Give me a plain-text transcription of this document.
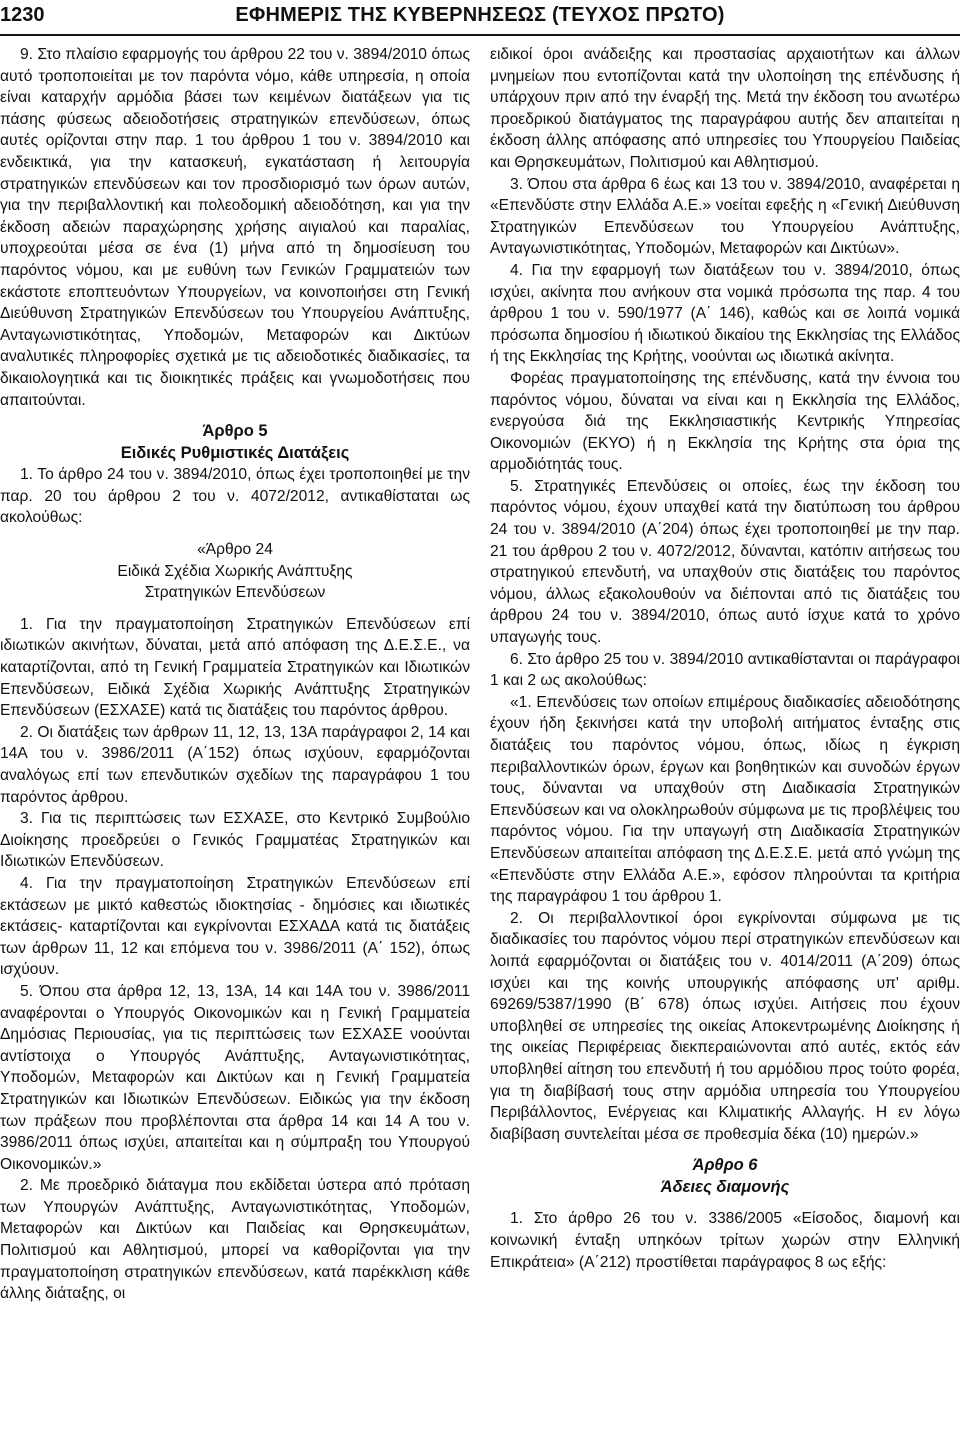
1230	ΕΦΗΜΕΡΙΣ ΤΗΣ ΚΥΒΕΡΝΗΣΕΩΣ (ΤΕΥΧΟΣ ΠΡΩΤΟ)

9. Στο πλαίσιο εφαρμογής του άρθρου 22 του ν. 3894/2010 όπως αυτό τροποποιείται με τον παρόντα νόμο, κάθε υπηρεσία, η οποία είναι καταρχήν αρμόδια βάσει των κειμένων διατάξεων για τις πάσης φύσεως αδειοδοτήσεις στρατηγικών επενδύσεων, όπως αυτές ορίζονται στην παρ. 1 του άρθρου 1 του ν. 3894/2010 και ενδεικτικά, για την κατασκευή, εγκατάσταση ή λειτουργία στρατηγικών επενδύσεων και τον προσδιορισμό των όρων αυτών, για την περιβαλλοντική και πολεοδομική αδειοδότηση, και για την έκδοση αδειών παραχώρησης χρήσης αιγιαλού και παραλίας, υποχρεούται μέσα σε ένα (1) μήνα από τη δημοσίευση του παρόντος νόμου, και με ευθύνη των Γενικών Γραμματειών των εκάστοτε εποπτευόντων Υπουργείων, να κοινοποιήσει στη Γενική Διεύθυνση Στρατηγικών Επενδύσεων του Υπουργείου Ανάπτυξης, Ανταγωνιστικότητας, Υποδομών, Μεταφορών και Δικτύων αναλυτικές πληροφορίες σχετικά με τις αδειοδοτικές διαδικασίες, τα δικαιολογητικά και τις διοικητικές πράξεις και γνωμοδοτήσεις που απαιτούνται.

Άρθρο 5

Ειδικές Ρυθμιστικές Διατάξεις

1. Το άρθρο 24 του ν. 3894/2010, όπως έχει τροποποιηθεί με την παρ. 20 του άρθρου 2 του ν. 4072/2012, αντικαθίσταται ως ακολούθως:

«Άρθρο 24

Ειδικά Σχέδια Χωρικής Ανάπτυξης

Στρατηγικών Επενδύσεων

1. Για την πραγματοποίηση Στρατηγικών Επενδύσεων επί ιδιωτικών ακινήτων, δύναται, μετά από απόφαση της Δ.Ε.Σ.Ε., να καταρτίζονται, από τη Γενική Γραμματεία Στρατηγικών και Ιδιωτικών Επενδύσεων, Ειδικά Σχέδια Χωρικής Ανάπτυξης Στρατηγικών Επενδύσεων (ΕΣΧΑΣΕ) κατά τις διατάξεις του παρόντος άρθρου.

2. Οι διατάξεις των άρθρων 11, 12, 13, 13Α παράγραφοι 2, 14 και 14Α του ν. 3986/2011 (Α΄152) όπως ισχύουν, εφαρμόζονται αναλόγως επί των επενδυτικών σχεδίων της παραγράφου 1 του παρόντος άρθρου.

3. Για τις περιπτώσεις των ΕΣΧΑΣΕ, στο Κεντρικό Συμβούλιο Διοίκησης προεδρεύει ο Γενικός Γραμματέας Στρατηγικών και Ιδιωτικών Επενδύσεων.

4. Για την πραγματοποίηση Στρατηγικών Επενδύσεων επί εκτάσεων με μικτό καθεστώς ιδιοκτησίας - δημόσιες και ιδιωτικές εκτάσεις- καταρτίζονται και εγκρίνονται ΕΣΧΑΔΑ κατά τις διατάξεις των άρθρων 11, 12 και επόμενα του ν. 3986/2011 (Α΄ 152), όπως ισχύουν.

5. Όπου στα άρθρα 12, 13, 13Α, 14 και 14Α του ν. 3986/2011 αναφέρονται ο Υπουργός Οικονομικών και η Γενική Γραμματεία Δημόσιας Περιουσίας, για τις περιπτώσεις των ΕΣΧΑΣΕ νοούνται αντίστοιχα ο Υπουργός Ανάπτυξης, Ανταγωνιστικότητας, Υποδομών, Μεταφορών και Δικτύων και η Γενική Γραμματεία Στρατηγικών και Ιδιωτικών Επενδύσεων. Ειδικώς για την έκδοση των πράξεων που προβλέπονται στα άρθρα 14 και 14 Α του ν. 3986/2011 όπως ισχύει, απαιτείται και η σύμπραξη του Υπουργού Οικονομικών.»

2. Με προεδρικό διάταγμα που εκδίδεται ύστερα από πρόταση των Υπουργών Ανάπτυξης, Ανταγωνιστικότητας, Υποδομών, Μεταφορών και Δικτύων και Παιδείας και Θρησκευμάτων, Πολιτισμού και Αθλητισμού, μπορεί να καθορίζονται για την πραγματοποίηση στρατηγικών επενδύσεων, κατά παρέκκλιση κάθε άλλης διάταξης, οι

ειδικοί όροι ανάδειξης και προστασίας αρχαιοτήτων και άλλων μνημείων που εντοπίζονται κατά την υλοποίηση της επένδυσης ή υπάρχουν πριν από την έναρξή της. Μετά την έκδοση του ανωτέρω προεδρικού διατάγματος της παραγράφου αυτής δεν απαιτείται η έκδοση άλλης απόφασης από υπηρεσίες του Υπουργείου Παιδείας και Θρησκευμάτων, Πολιτισμού και Αθλητισμού.

3. Όπου στα άρθρα 6 έως και 13 του ν. 3894/2010, αναφέρεται η «Επενδύστε στην Ελλάδα Α.Ε.» νοείται εφεξής η «Γενική Διεύθυνση Στρατηγικών Επενδύσεων του Υπουργείου Ανάπτυξης, Ανταγωνιστικότητας, Υποδομών, Μεταφορών και Δικτύων».

4. Για την εφαρμογή των διατάξεων του ν. 3894/2010, όπως ισχύει, ακίνητα που ανήκουν στα νομικά πρόσωπα της παρ. 4 του άρθρου 1 του ν. 590/1977 (Α΄ 146), καθώς και σε λοιπά νομικά πρόσωπα δημοσίου ή ιδιωτικού δικαίου της Εκκλησίας της Ελλάδος ή της Εκκλησίας της Κρήτης, νοούνται ως ιδιωτικά ακίνητα.

Φορέας πραγματοποίησης της επένδυσης, κατά την έννοια του παρόντος νόμου, δύναται να είναι και η Εκκλησία της Ελλάδος, ενεργούσα διά της Εκκλησιαστικής Κεντρικής Υπηρεσίας Οικονομιών (ΕΚΥΟ) ή η Εκκλησία της Κρήτης στα όρια της αρμοδιότητάς τους.

5. Στρατηγικές Επενδύσεις οι οποίες, έως την έκδοση του παρόντος νόμου, έχουν υπαχθεί κατά την διατύπωση του άρθρου 24 του ν. 3894/2010 (Α΄204) όπως έχει τροποποιηθεί με την παρ. 21 του άρθρου 2 του ν. 4072/2012, δύνανται, κατόπιν αιτήσεως του στρατηγικού επενδυτή, να υπαχθούν στις διατάξεις του παρόντος νόμου, άλλως εξακολουθούν να διέπονται από τις διατάξεις του άρθρου 24 του ν. 3894/2010, όπως αυτό ίσχυε κατά το χρόνο υπαγωγής τους.

6. Στο άρθρο 25 του ν. 3894/2010 αντικαθίστανται οι παράγραφοι 1 και 2 ως ακολούθως:

«1. Επενδύσεις των οποίων επιμέρους διαδικασίες αδειοδότησης έχουν ήδη ξεκινήσει κατά την υποβολή αιτήματος ένταξης στις διατάξεις του παρόντος νόμου, όπως, ιδίως η έγκριση περιβαλλοντικών όρων, έργων και βοηθητικών και συνοδών έργων τους, δύνανται να υπαχθούν στη Διαδικασία Στρατηγικών Επενδύσεων και να ολοκληρωθούν σύμφωνα με τις προβλέψεις του παρόντος νόμου. Για την υπαγωγή στη Διαδικασία Στρατηγικών Επενδύσεων απαιτείται απόφαση της Δ.Ε.Σ.Ε. μετά από γνώμη της «Επενδύστε στην Ελλάδα Α.Ε.», εφόσον πληρούνται τα κριτήρια της παραγράφου 1 του άρθρου 1.

2. Οι περιβαλλοντικοί όροι εγκρίνονται σύμφωνα με τις διαδικασίες του παρόντος νόμου περί στρατηγικών επενδύσεων και λοιπά εφαρμόζονται οι διατάξεις του ν. 4014/2011 (Α΄209) όπως ισχύει και της κοινής υπουργικής απόφασης υπ' αριθμ. 69269/5387/1990 (Β΄ 678) όπως ισχύει. Αιτήσεις που έχουν υποβληθεί σε υπηρεσίες της οικείας Αποκεντρωμένης Διοίκησης ή της οικείας Περιφέρειας διεκπεραιώνονται από αυτές, εκτός εάν υποβληθεί αίτηση του επενδυτή ή του αρμόδιου προς τούτο φορέα, για τη διαβίβασή τους στην αρμόδια υπηρεσία του Υπουργείου Περιβάλλοντος, Ενέργειας και Κλιματικής Αλλαγής. Η εν λόγω διαβίβαση συντελείται μέσα σε προθεσμία δέκα (10) ημερών.»

Άρθρο 6

Άδειες διαμονής

1. Στο άρθρο 26 του ν. 3386/2005 «Είσοδος, διαμονή και κοινωνική ένταξη υπηκόων τρίτων χωρών στην Ελληνική Επικράτεια» (Α΄212) προστίθεται παράγραφος 8 ως εξής:
